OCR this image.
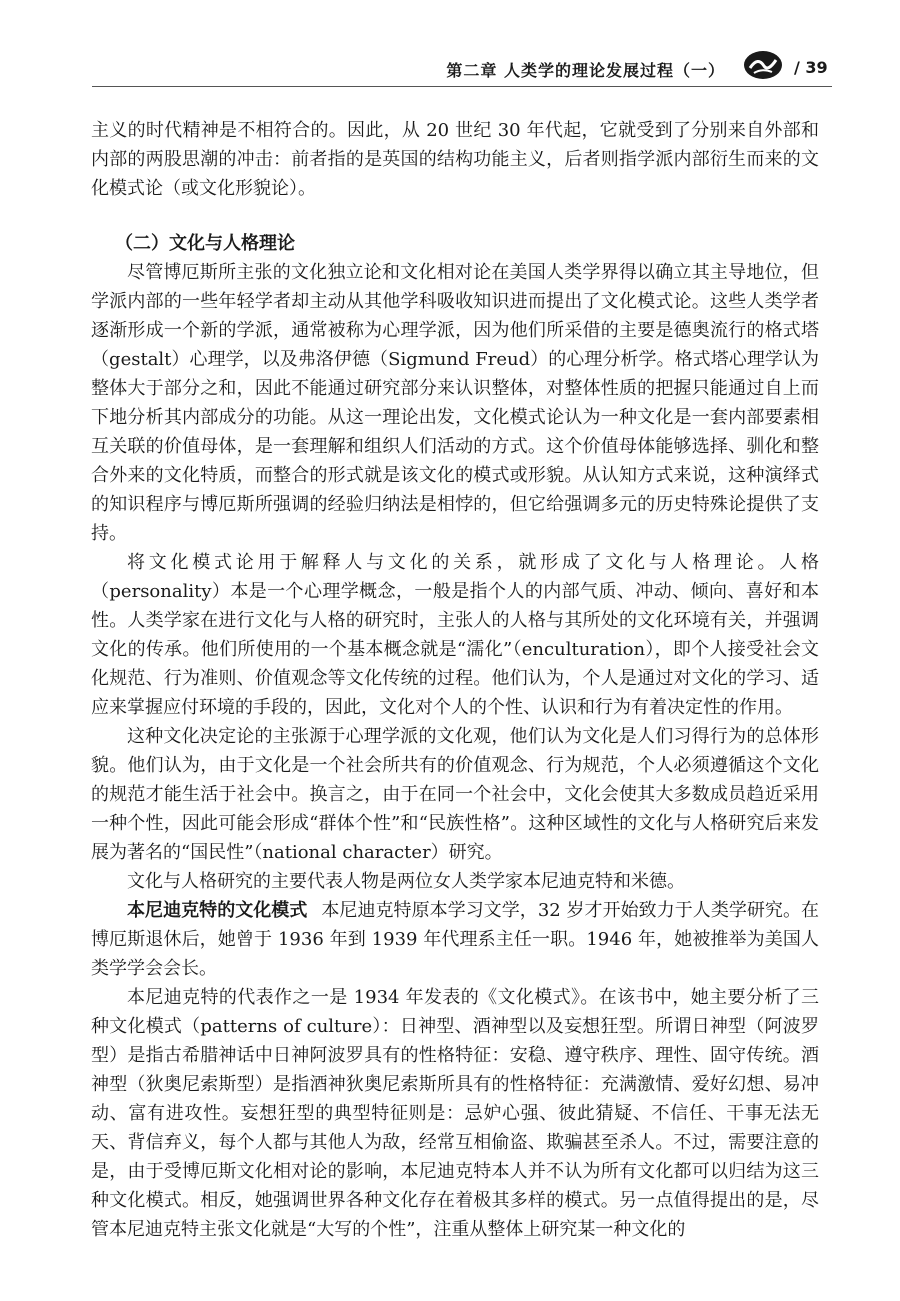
第二章 人类学的理论发展过程（一）	/ 39

主义的时代精神是不相符合的。因此，从 20 世纪 30 年代起，它就受到了分别来自外部和内部的两股思潮的冲击：前者指的是英国的结构功能主义，后者则指学派内部衍生而来的文化模式论（或文化形貌论）。

（二）文化与人格理论

尽管博厄斯所主张的文化独立论和文化相对论在美国人类学界得以确立其主导地位，但学派内部的一些年轻学者却主动从其他学科吸收知识进而提出了文化模式论。这些人类学者逐渐形成一个新的学派，通常被称为心理学派，因为他们所采借的主要是德奥流行的格式塔（gestalt）心理学，以及弗洛伊德（Sigmund Freud）的心理分析学。格式塔心理学认为整体大于部分之和，因此不能通过研究部分来认识整体，对整体性质的把握只能通过自上而下地分析其内部成分的功能。从这一理论出发，文化模式论认为一种文化是一套内部要素相互关联的价值母体，是一套理解和组织人们活动的方式。这个价值母体能够选择、驯化和整合外来的文化特质，而整合的形式就是该文化的模式或形貌。从认知方式来说，这种演绎式的知识程序与博厄斯所强调的经验归纳法是相悖的，但它给强调多元的历史特殊论提供了支持。

将文化模式论用于解释人与文化的关系，就形成了文化与人格理论。人格（personality）本是一个心理学概念，一般是指个人的内部气质、冲动、倾向、喜好和本性。人类学家在进行文化与人格的研究时，主张人的人格与其所处的文化环境有关，并强调文化的传承。他们所使用的一个基本概念就是“濡化”（enculturation），即个人接受社会文化规范、行为准则、价值观念等文化传统的过程。他们认为，个人是通过对文化的学习、适应来掌握应付环境的手段的，因此，文化对个人的个性、认识和行为有着决定性的作用。

这种文化决定论的主张源于心理学派的文化观，他们认为文化是人们习得行为的总体形貌。他们认为，由于文化是一个社会所共有的价值观念、行为规范，个人必须遵循这个文化的规范才能生活于社会中。换言之，由于在同一个社会中，文化会使其大多数成员趋近采用一种个性，因此可能会形成“群体个性”和“民族性格”。这种区域性的文化与人格研究后来发展为著名的“国民性”（national character）研究。

文化与人格研究的主要代表人物是两位女人类学家本尼迪克特和米德。

本尼迪克特的文化模式 本尼迪克特原本学习文学，32 岁才开始致力于人类学研究。在博厄斯退休后，她曾于 1936 年到 1939 年代理系主任一职。1946 年，她被推举为美国人类学学会会长。

本尼迪克特的代表作之一是 1934 年发表的《文化模式》。在该书中，她主要分析了三种文化模式（patterns of culture）：日神型、酒神型以及妄想狂型。所谓日神型（阿波罗型）是指古希腊神话中日神阿波罗具有的性格特征：安稳、遵守秩序、理性、固守传统。酒神型（狄奥尼索斯型）是指酒神狄奥尼索斯所具有的性格特征：充满激情、爱好幻想、易冲动、富有进攻性。妄想狂型的典型特征则是：忌妒心强、彼此猜疑、不信任、干事无法无天、背信弃义，每个人都与其他人为敌，经常互相偷盗、欺骗甚至杀人。不过，需要注意的是，由于受博厄斯文化相对论的影响，本尼迪克特本人并不认为所有文化都可以归结为这三种文化模式。相反，她强调世界各种文化存在着极其多样的模式。另一点值得提出的是，尽管本尼迪克特主张文化就是“大写的个性”，注重从整体上研究某一种文化的
